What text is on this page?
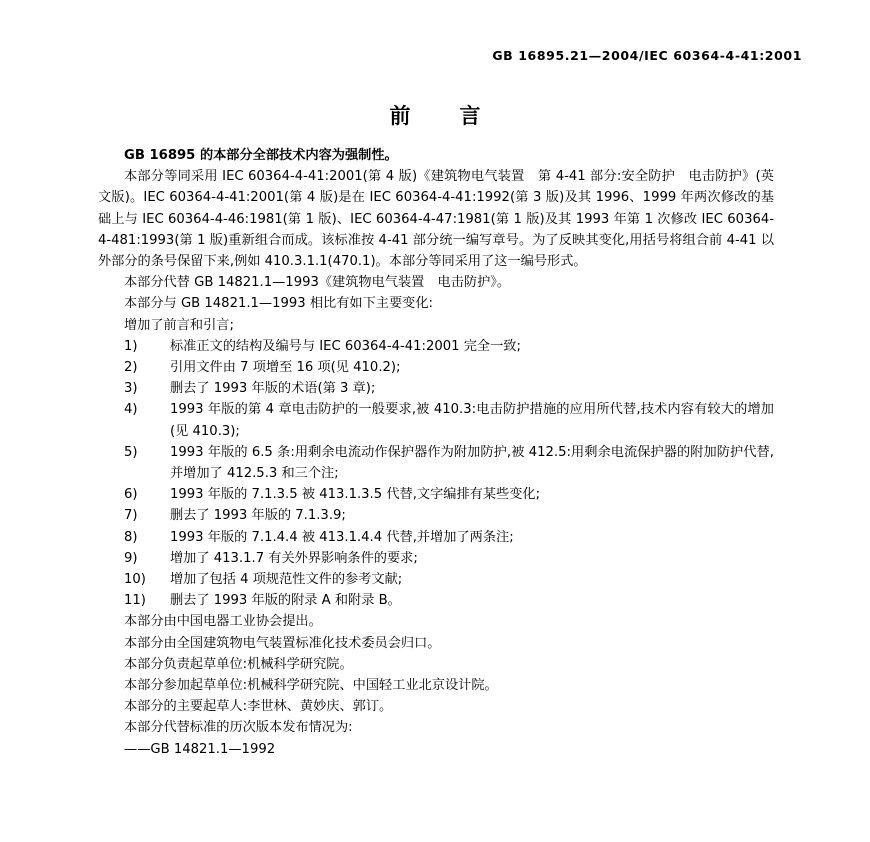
GB 16895.21—2004/IEC 60364-4-41:2001
前　言

GB 16895 的本部分全部技术内容为强制性。

本部分等同采用 IEC 60364-4-41:2001(第 4 版)《建筑物电气装置　第 4-41 部分:安全防护　电击防护》(英文版)。IEC 60364-4-41:2001(第 4 版)是在 IEC 60364-4-41:1992(第 3 版)及其 1996、1999 年两次修改的基础上与 IEC 60364-4-46:1981(第 1 版)、IEC 60364-4-47:1981(第 1 版)及其 1993 年第 1 次修改 IEC 60364-4-481:1993(第 1 版)重新组合而成。该标准按 4-41 部分统一编写章号。为了反映其变化,用括号将组合前 4-41 以外部分的条号保留下来,例如 410.3.1.1(470.1)。本部分等同采用了这一编号形式。

本部分代替 GB 14821.1—1993《建筑物电气装置　电击防护》。

本部分与 GB 14821.1—1993 相比有如下主要变化:

增加了前言和引言;

1)	标准正文的结构及编号与 IEC 60364-4-41:2001 完全一致;
2)	引用文件由 7 项增至 16 项(见 410.2);
3)	删去了 1993 年版的术语(第 3 章);
4)	1993 年版的第 4 章电击防护的一般要求,被 410.3:电击防护措施的应用所代替,技术内容有较大的增加(见 410.3);
5)	1993 年版的 6.5 条:用剩余电流动作保护器作为附加防护,被 412.5:用剩余电流保护器的附加防护代替,并增加了 412.5.3 和三个注;
6)	1993 年版的 7.1.3.5 被 413.1.3.5 代替,文字编排有某些变化;
7)	删去了 1993 年版的 7.1.3.9;
8)	1993 年版的 7.1.4.4 被 413.1.4.4 代替,并增加了两条注;
9)	增加了 413.1.7 有关外界影响条件的要求;
10)	增加了包括 4 项规范性文件的参考文献;
11)	删去了 1993 年版的附录 A 和附录 B。

本部分由中国电器工业协会提出。

本部分由全国建筑物电气装置标准化技术委员会归口。

本部分负责起草单位:机械科学研究院。

本部分参加起草单位:机械科学研究院、中国轻工业北京设计院。

本部分的主要起草人:李世林、黄妙庆、郭订。

本部分代替标准的历次版本发布情况为:

——GB 14821.1—1992
